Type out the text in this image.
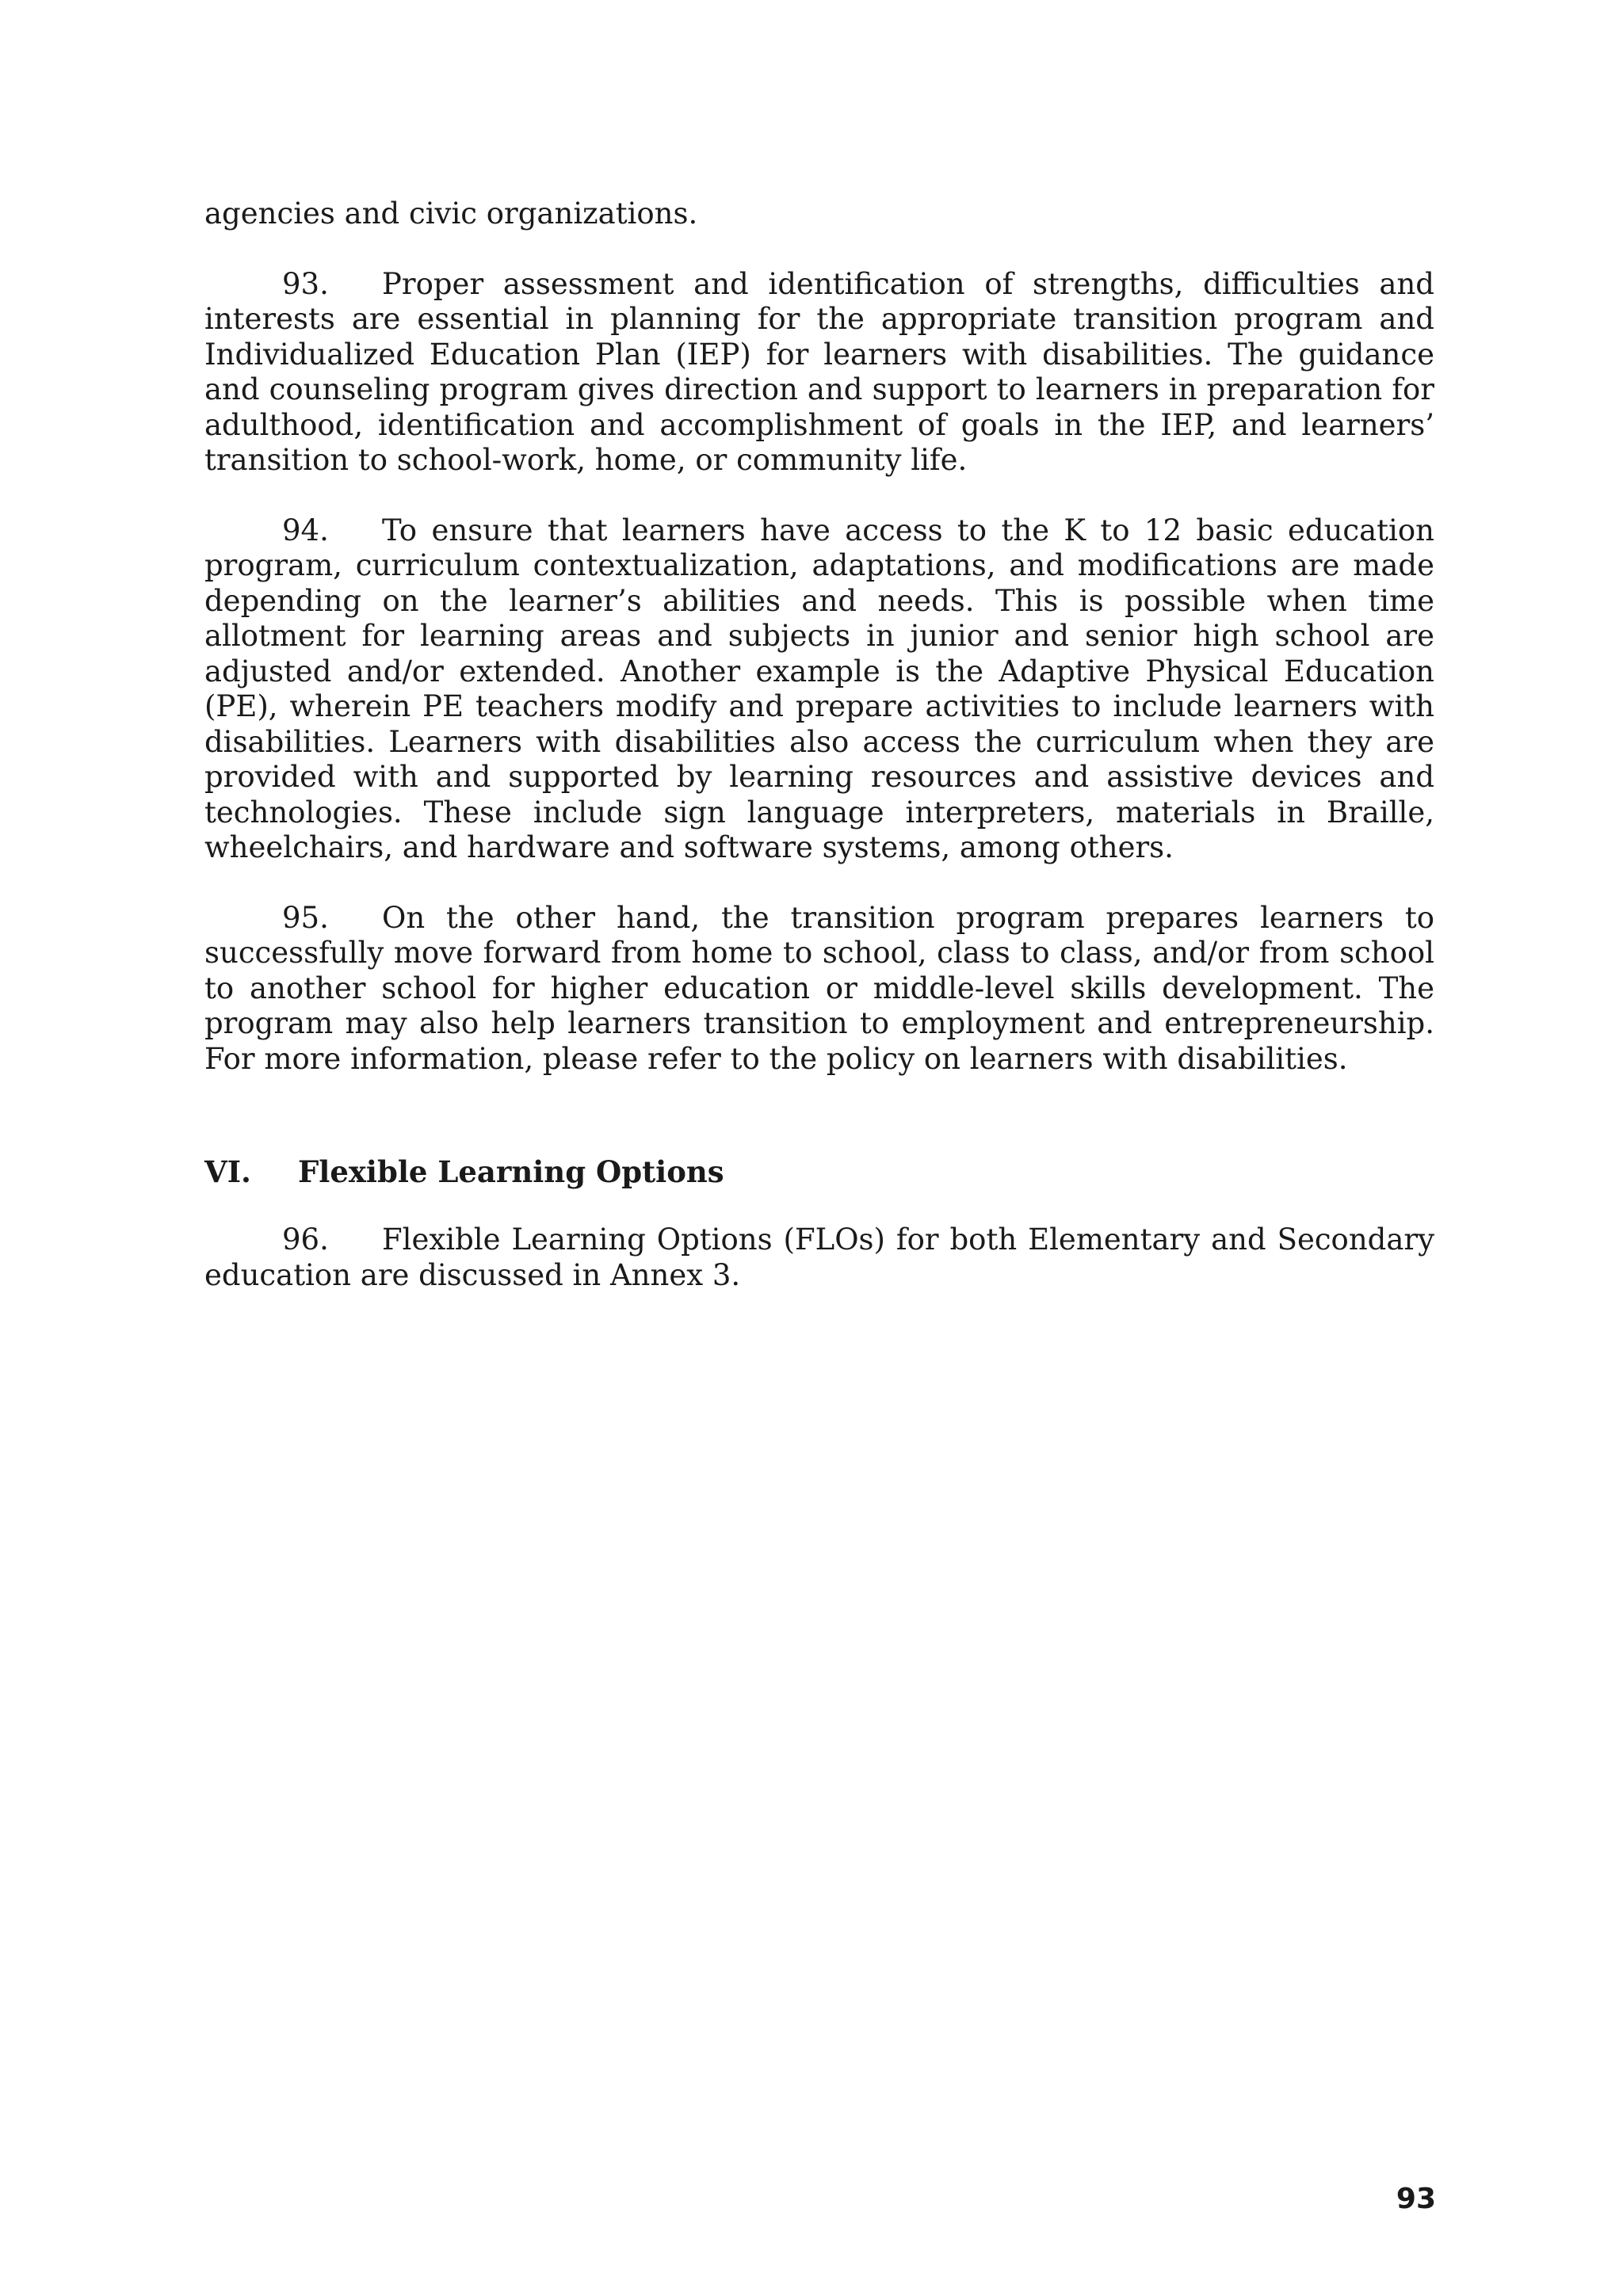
agencies and civic organizations.

93. Proper assessment and identification of strengths, difficulties and interests are essential in planning for the appropriate transition program and Individualized Education Plan (IEP) for learners with disabilities. The guidance and counseling program gives direction and support to learners in preparation for adulthood, identification and accomplishment of goals in the IEP, and learners’ transition to school-work, home, or community life.

94. To ensure that learners have access to the K to 12 basic education program, curriculum contextualization, adaptations, and modifications are made depending on the learner’s abilities and needs. This is possible when time allotment for learning areas and subjects in junior and senior high school are adjusted and/or extended. Another example is the Adaptive Physical Education (PE), wherein PE teachers modify and prepare activities to include learners with disabilities. Learners with disabilities also access the curriculum when they are provided with and supported by learning resources and assistive devices and technologies. These include sign language interpreters, materials in Braille, wheelchairs, and hardware and software systems, among others.

95. On the other hand, the transition program prepares learners to successfully move forward from home to school, class to class, and/or from school to another school for higher education or middle-level skills development. The program may also help learners transition to employment and entrepreneurship. For more information, please refer to the policy on learners with disabilities.

VI. Flexible Learning Options

96. Flexible Learning Options (FLOs) for both Elementary and Secondary education are discussed in Annex 3.

93
